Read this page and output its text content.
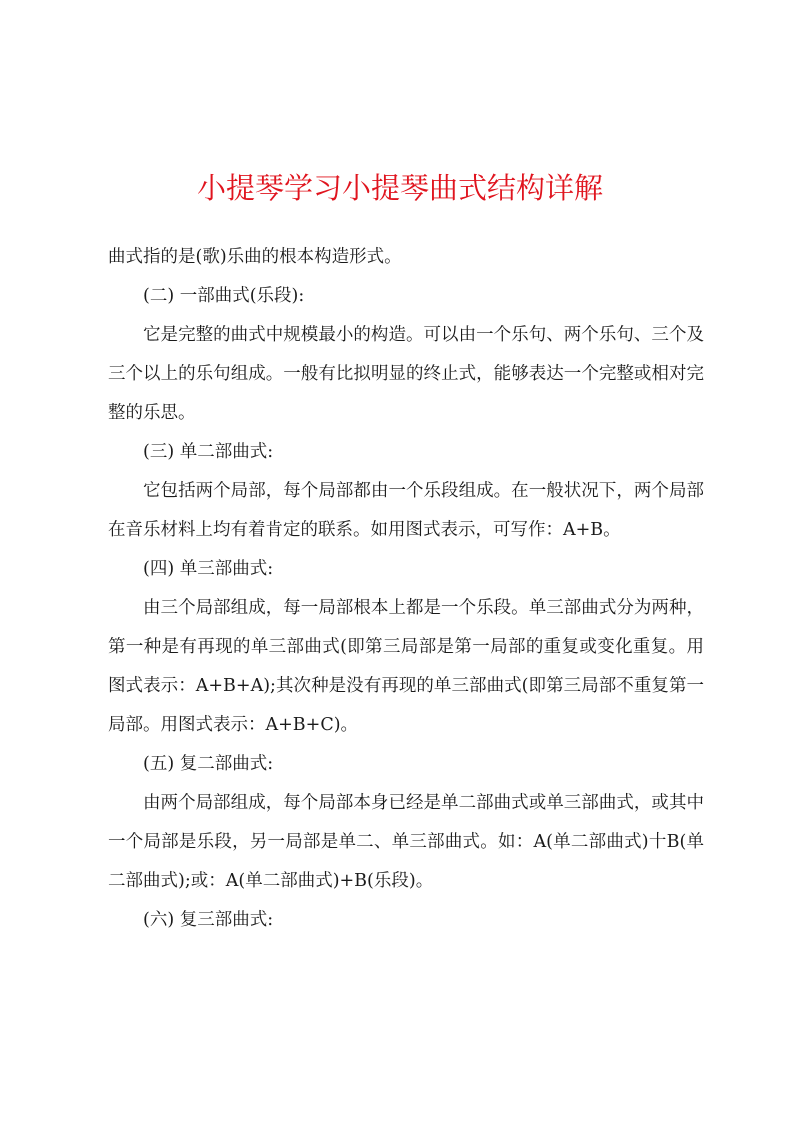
小提琴学习小提琴曲式结构详解

曲式指的是(歌)乐曲的根本构造形式。

(二) 一部曲式(乐段):

它是完整的曲式中规模最小的构造。可以由一个乐句、两个乐句、三个及三个以上的乐句组成。一般有比拟明显的终止式，能够表达一个完整或相对完整的乐思。

(三) 单二部曲式:

它包括两个局部，每个局部都由一个乐段组成。在一般状况下，两个局部在音乐材料上均有着肯定的联系。如用图式表示，可写作：A+B。

(四) 单三部曲式:

由三个局部组成，每一局部根本上都是一个乐段。单三部曲式分为两种，第一种是有再现的单三部曲式(即第三局部是第一局部的重复或变化重复。用图式表示：A+B+A);其次种是没有再现的单三部曲式(即第三局部不重复第一局部。用图式表示：A+B+C)。

(五) 复二部曲式:

由两个局部组成，每个局部本身已经是单二部曲式或单三部曲式，或其中一个局部是乐段，另一局部是单二、单三部曲式。如：A(单二部曲式)十B(单二部曲式);或：A(单二部曲式)+B(乐段)。

(六) 复三部曲式:
